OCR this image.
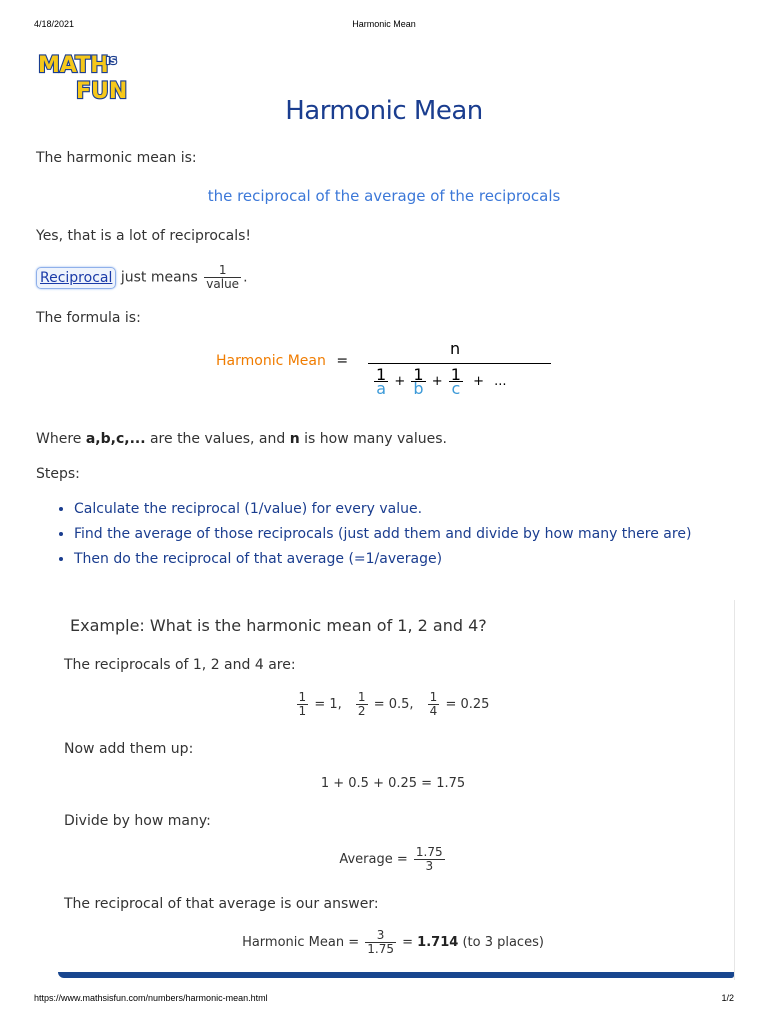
4/18/2021	Harmonic Mean
https://www.mathsisfun.com/numbers/harmonic-mean.html	1/2
MATH
IS
FUN
Harmonic Mean
The harmonic mean is:
the reciprocal of the average of the reciprocals
Yes, that is a lot of reciprocals!
Reciprocal just means $\frac{1}{\text{value}}$ .
The formula is:
Harmonic Mean =
n
$\frac{1}{a} + \frac{1}{b} + \frac{1}{c}$ + ...
Where a,b,c,... are the values, and n is how many values.
Steps:
• Calculate the reciprocal (1/value) for every value.
• Find the average of those reciprocals (just add them and divide by how many there are)
• Then do the reciprocal of that average (=1/average)
Example: What is the harmonic mean of 1, 2 and 4?
The reciprocals of 1, 2 and 4 are:
$\frac{1}{1} = 1$, $\frac{1}{2} = 0.5$, $\frac{1}{4} = 0.25$
Now add them up:
1 + 0.5 + 0.25 = 1.75
Divide by how many:
Average = $\frac{1.75}{3}$
The reciprocal of that average is our answer:
Harmonic Mean = $\frac{3}{1.75} = 1.714$ (to 3 places)
